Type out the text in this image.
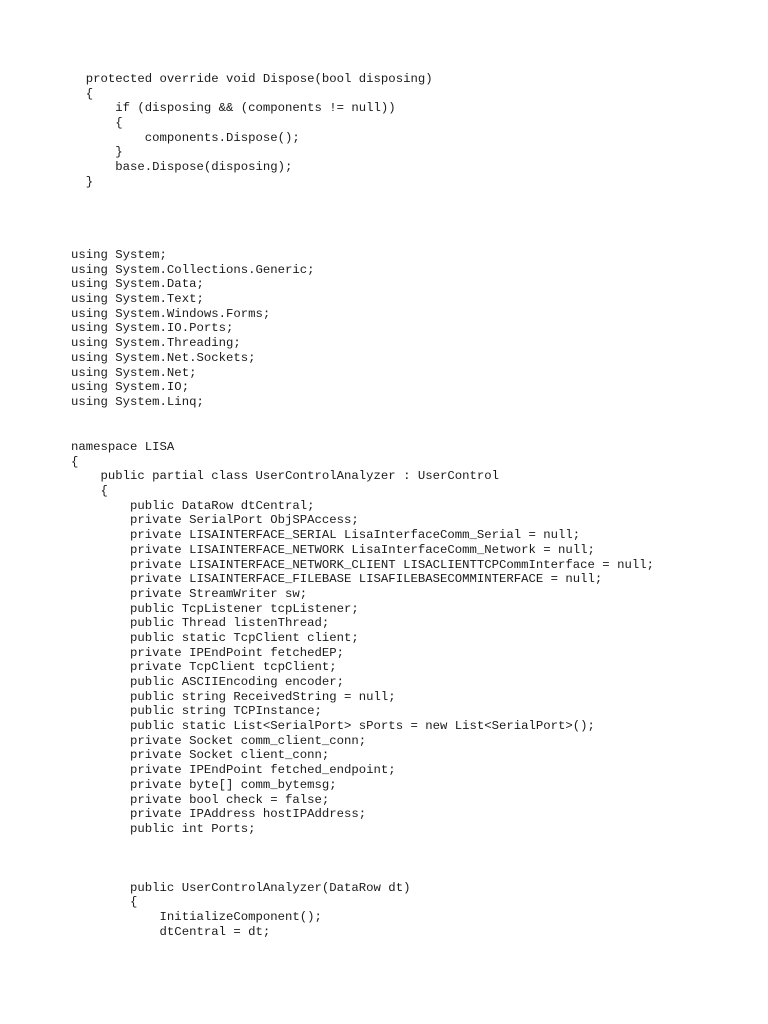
protected override void Dispose(bool disposing)
{
if (disposing && (components != null))
{
components.Dispose();
}
base.Dispose(disposing);
}
using System;
using System.Collections.Generic;
using System.Data;
using System.Text;
using System.Windows.Forms;
using System.IO.Ports;
using System.Threading;
using System.Net.Sockets;
using System.Net;
using System.IO;
using System.Linq;
namespace LISA
{
public partial class UserControlAnalyzer : UserControl
{
public DataRow dtCentral;
private SerialPort ObjSPAccess;
private LISAINTERFACE_SERIAL LisaInterfaceComm_Serial = null;
private LISAINTERFACE_NETWORK LisaInterfaceComm_Network = null;
private LISAINTERFACE_NETWORK_CLIENT LISACLIENTTCPCommInterface = null;
private LISAINTERFACE_FILEBASE LISAFILEBASECOMMINTERFACE = null;
private StreamWriter sw;
public TcpListener tcpListener;
public Thread listenThread;
public static TcpClient client;
private IPEndPoint fetchedEP;
private TcpClient tcpClient;
public ASCIIEncoding encoder;
public string ReceivedString = null;
public string TCPInstance;
public static List<SerialPort> sPorts = new List<SerialPort>();
private Socket comm_client_conn;
private Socket client_conn;
private IPEndPoint fetched_endpoint;
private byte[] comm_bytemsg;
private bool check = false;
private IPAddress hostIPAddress;
public int Ports;
public UserControlAnalyzer(DataRow dt)
{
InitializeComponent();
dtCentral = dt;
